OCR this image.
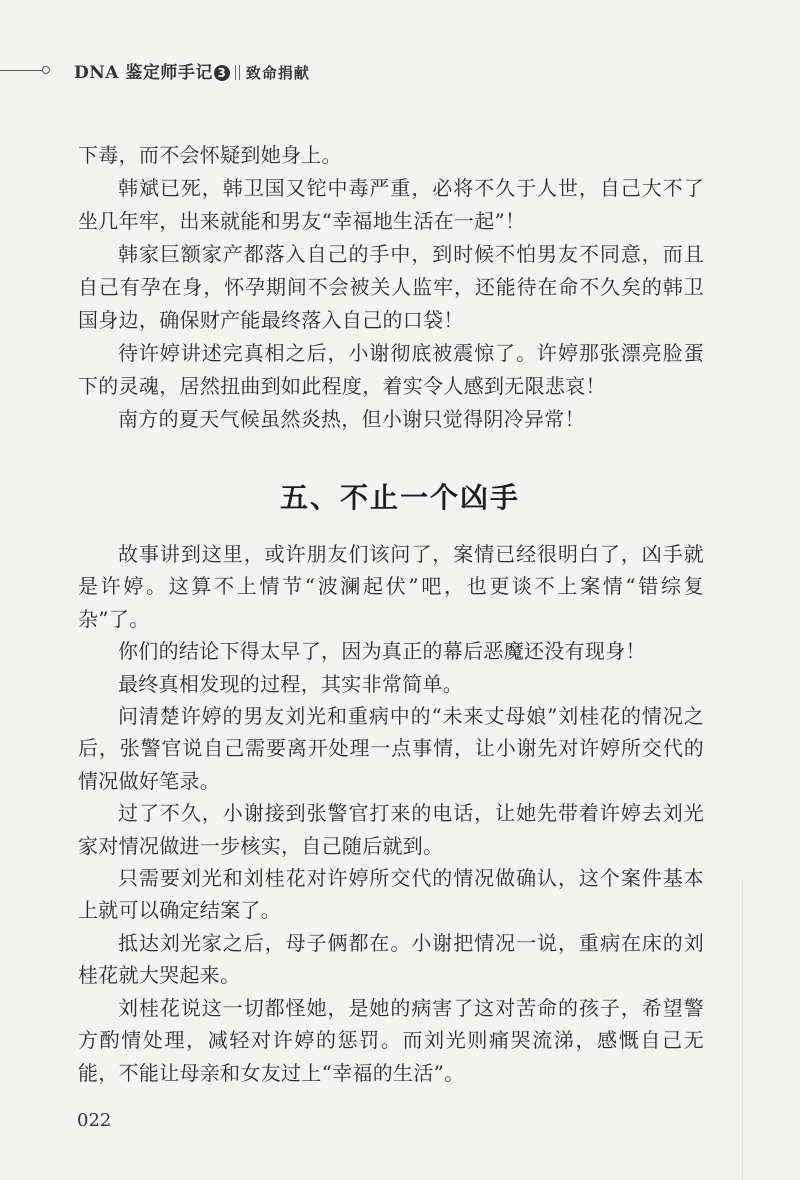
DNA 鉴定师手记 3 致命捐献

下毒，而不会怀疑到她身上。

韩斌已死，韩卫国又铊中毒严重，必将不久于人世，自己大不了坐几年牢，出来就能和男友“幸福地生活在一起”！

韩家巨额家产都落入自己的手中，到时候不怕男友不同意，而且自己有孕在身，怀孕期间不会被关人监牢，还能待在命不久矣的韩卫国身边，确保财产能最终落入自己的口袋！

待许婷讲述完真相之后，小谢彻底被震惊了。许婷那张漂亮脸蛋下的灵魂，居然扭曲到如此程度，着实令人感到无限悲哀！

南方的夏天气候虽然炎热，但小谢只觉得阴冷异常！

五、不止一个凶手

故事讲到这里，或许朋友们该问了，案情已经很明白了，凶手就是许婷。这算不上情节“波澜起伏”吧，也更谈不上案情“错综复杂”了。

你们的结论下得太早了，因为真正的幕后恶魔还没有现身！

最终真相发现的过程，其实非常简单。

问清楚许婷的男友刘光和重病中的“未来丈母娘”刘桂花的情况之后，张警官说自己需要离开处理一点事情，让小谢先对许婷所交代的情况做好笔录。

过了不久，小谢接到张警官打来的电话，让她先带着许婷去刘光家对情况做进一步核实，自己随后就到。

只需要刘光和刘桂花对许婷所交代的情况做确认，这个案件基本上就可以确定结案了。

抵达刘光家之后，母子俩都在。小谢把情况一说，重病在床的刘桂花就大哭起来。

刘桂花说这一切都怪她，是她的病害了这对苦命的孩子，希望警方酌情处理，减轻对许婷的惩罚。而刘光则痛哭流涕，感慨自己无能，不能让母亲和女友过上“幸福的生活”。

022
